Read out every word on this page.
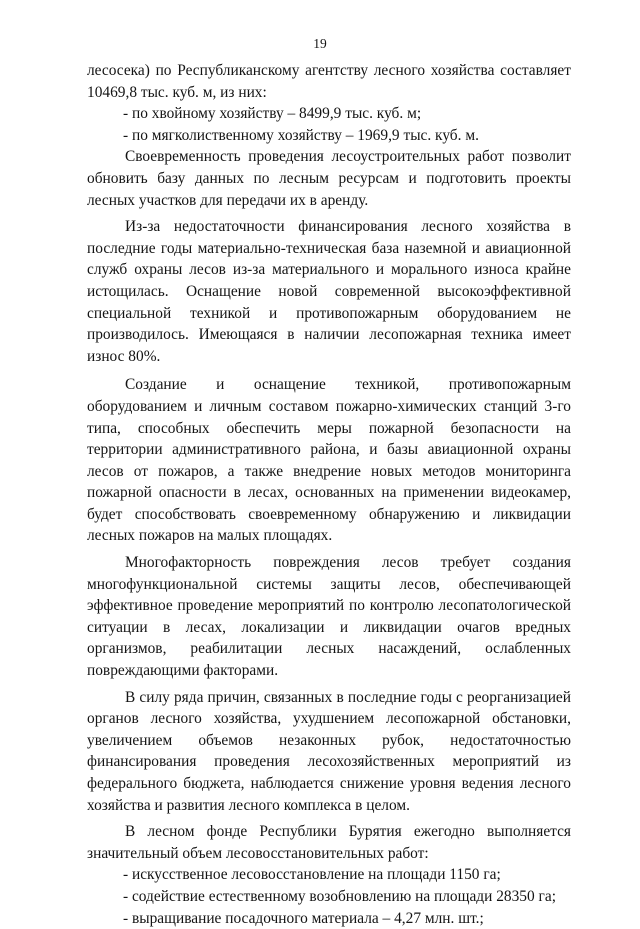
19

лесосека) по Республиканскому агентству лесного хозяйства составляет 10469,8 тыс. куб. м, из них:

- по хвойному хозяйству – 8499,9 тыс. куб. м;

- по мягколиственному хозяйству – 1969,9 тыс. куб. м.

Своевременность проведения лесоустроительных работ позволит обновить базу данных по лесным ресурсам и подготовить проекты лесных участков для передачи их в аренду.

Из-за недостаточности финансирования лесного хозяйства в последние годы материально-техническая база наземной и авиационной служб охраны лесов из-за материального и морального износа крайне истощилась. Оснащение новой современной высокоэффективной специальной техникой и противопожарным оборудованием не производилось. Имеющаяся в наличии лесопожарная техника имеет износ 80%.

Создание и оснащение техникой, противопожарным оборудованием и личным составом пожарно-химических станций 3-го типа, способных обеспечить меры пожарной безопасности на территории административного района, и базы авиационной охраны лесов от пожаров, а также внедрение новых методов мониторинга пожарной опасности в лесах, основанных на применении видеокамер, будет способствовать своевременному обнаружению и ликвидации лесных пожаров на малых площадях.

Многофакторность повреждения лесов требует создания многофункциональной системы защиты лесов, обеспечивающей эффективное проведение мероприятий по контролю лесопатологической ситуации в лесах, локализации и ликвидации очагов вредных организмов, реабилитации лесных насаждений, ослабленных повреждающими факторами.

В силу ряда причин, связанных в последние годы с реорганизацией органов лесного хозяйства, ухудшением лесопожарной обстановки, увеличением объемов незаконных рубок, недостаточностью финансирования проведения лесохозяйственных мероприятий из федерального бюджета, наблюдается снижение уровня ведения лесного хозяйства и развития лесного комплекса в целом.

В лесном фонде Республики Бурятия ежегодно выполняется значительный объем лесовосстановительных работ:

- искусственное лесовосстановление на площади 1150 га;

- содействие естественному возобновлению на площади 28350 га;

- выращивание посадочного материала – 4,27 млн. шт.;
